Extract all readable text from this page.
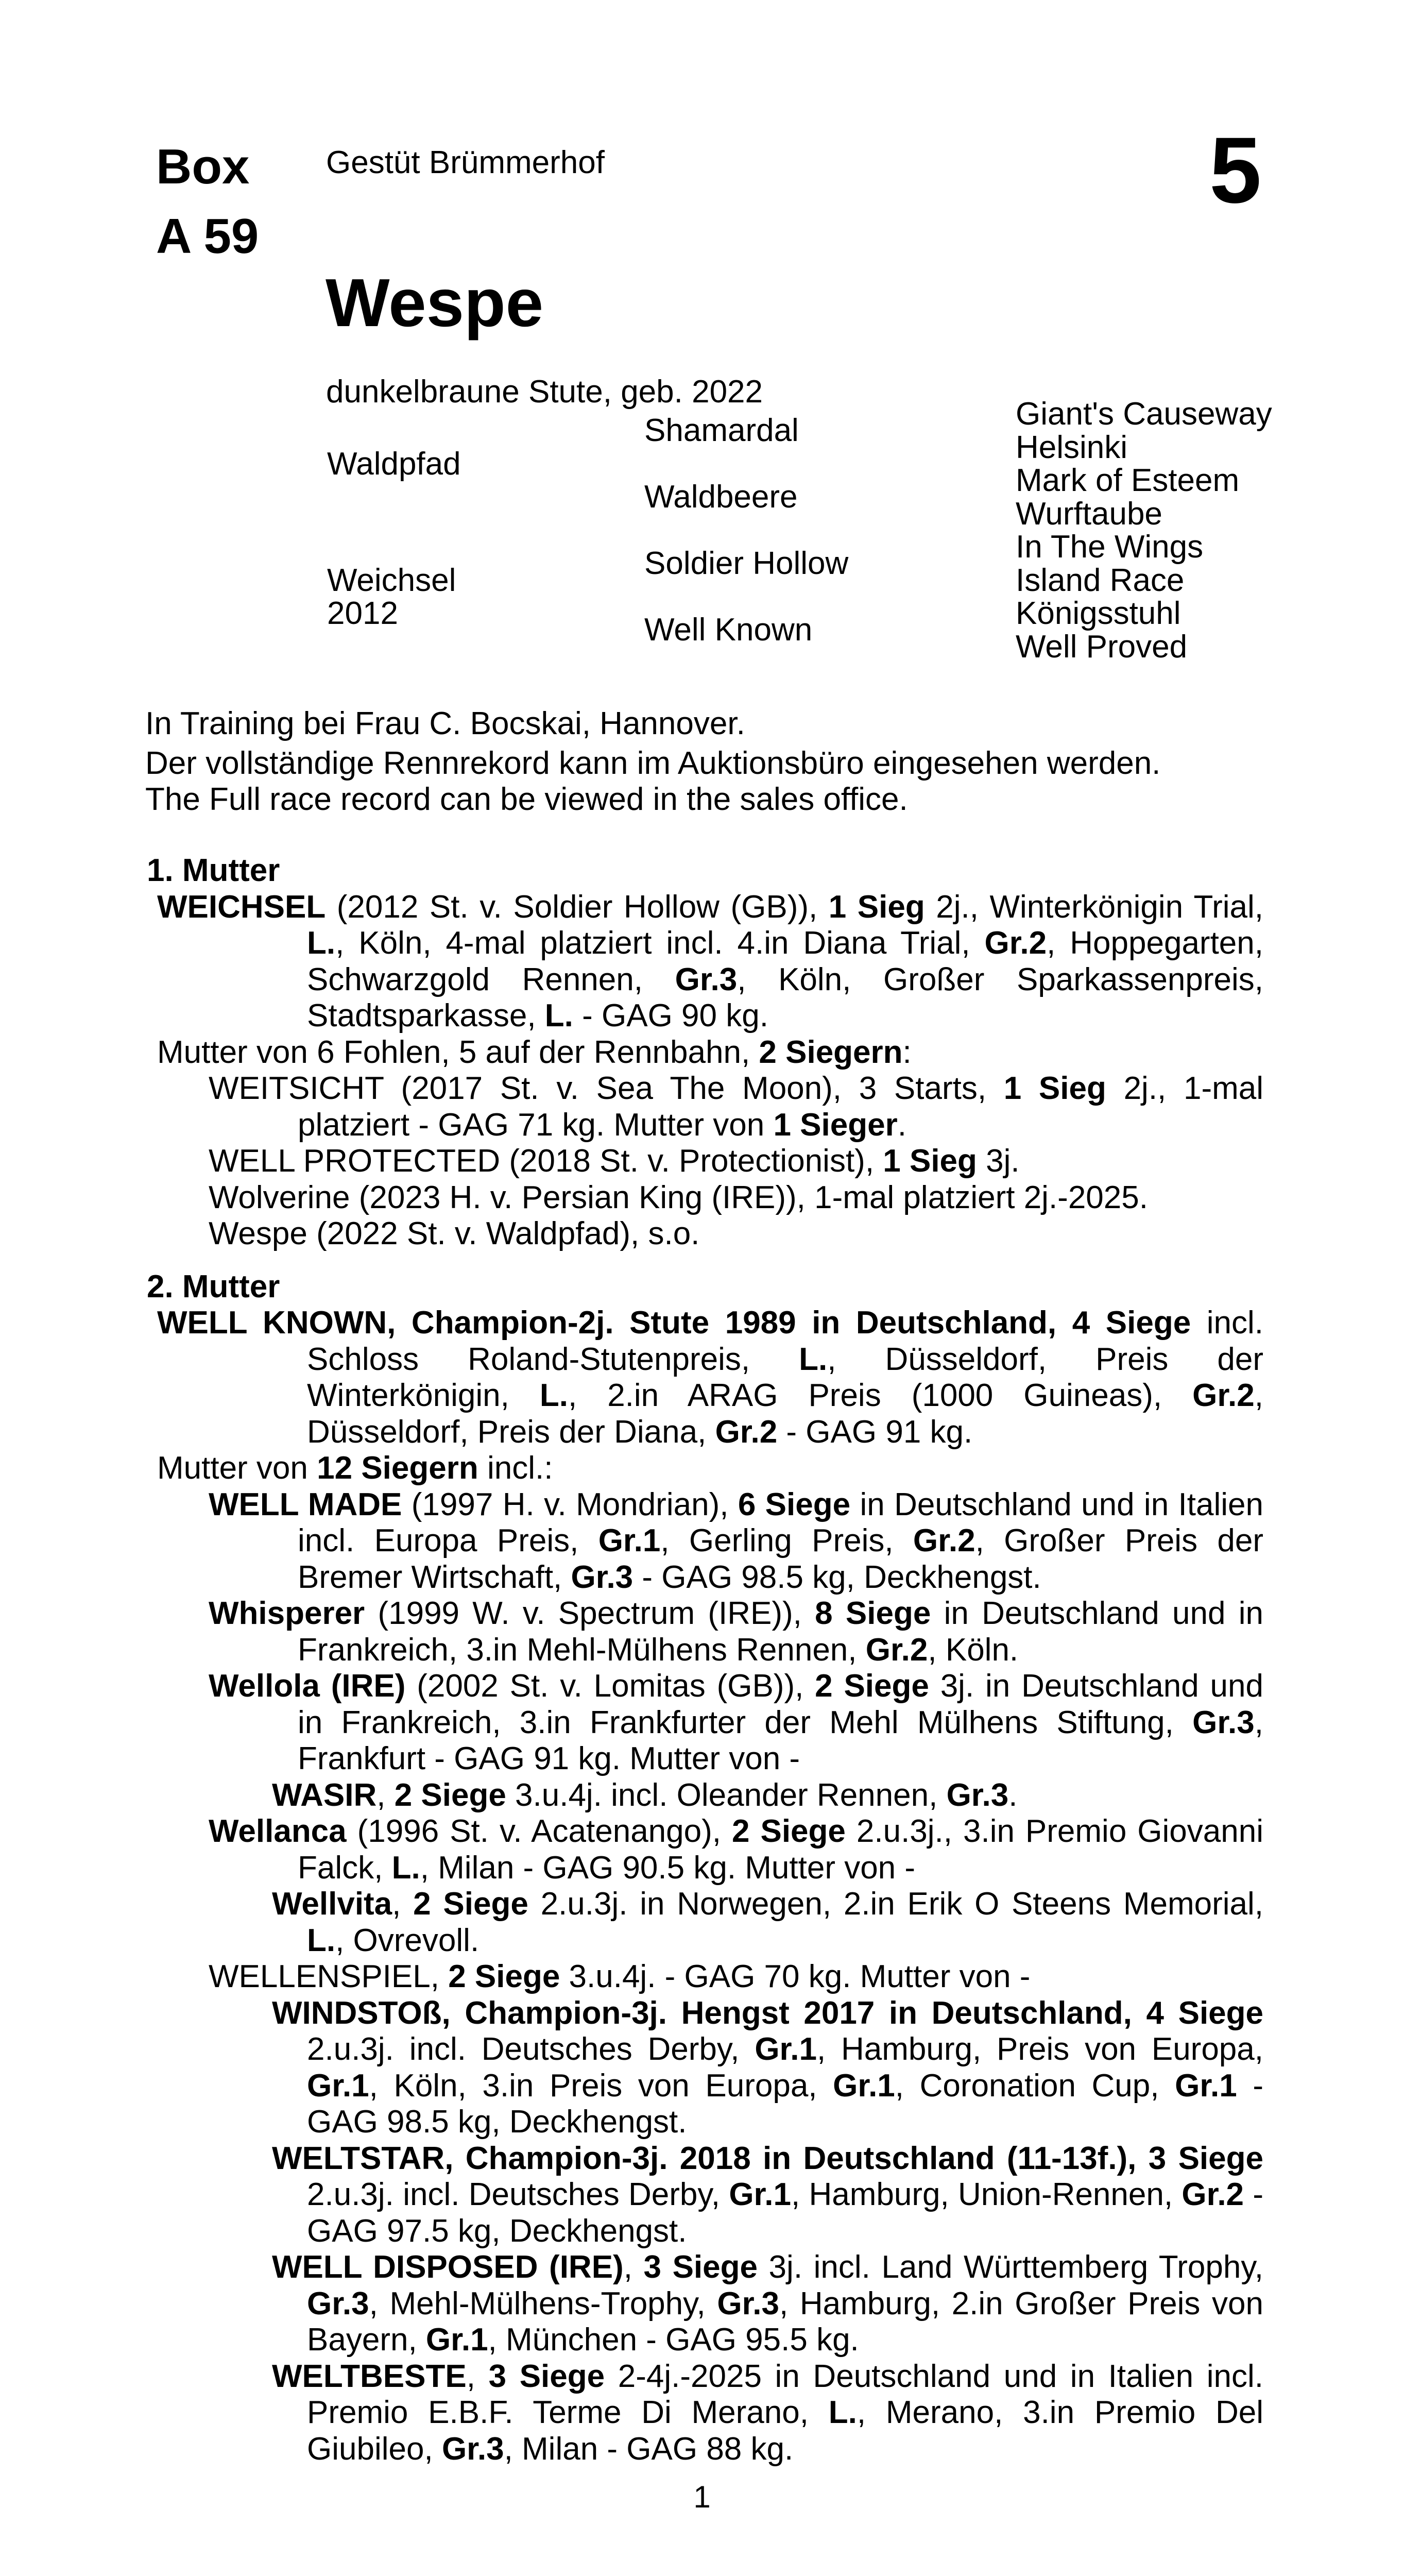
Box
A 59
Gestüt Brümmerhof	5
Wespe
dunkelbraune Stute, geb. 2022
Waldpfad
Weichsel
2012
Shamardal
Waldbeere
Soldier Hollow
Well Known
Giant's Causeway
Helsinki
Mark of Esteem
Wurftaube
In The Wings
Island Race
Königsstuhl
Well Proved
In Training bei Frau C. Bocskai, Hannover.
Der vollständige Rennrekord kann im Auktionsbüro eingesehen werden.
The Full race record can be viewed in the sales office.
1. Mutter
WEICHSEL (2012 St. v. Soldier Hollow (GB)), 1 Sieg 2j., Winterkönigin Trial, L., Köln, 4-mal platziert incl. 4.in Diana Trial, Gr.2, Hoppegarten, Schwarzgold Rennen, Gr.3, Köln, Großer Sparkassenpreis, Stadtsparkasse, L. - GAG 90 kg.
Mutter von 6 Fohlen, 5 auf der Rennbahn, 2 Siegern:
WEITSICHT (2017 St. v. Sea The Moon), 3 Starts, 1 Sieg 2j., 1-mal platziert - GAG 71 kg. Mutter von 1 Sieger.
WELL PROTECTED (2018 St. v. Protectionist), 1 Sieg 3j.
Wolverine (2023 H. v. Persian King (IRE)), 1-mal platziert 2j.-2025.
Wespe (2022 St. v. Waldpfad), s.o.
2. Mutter
WELL KNOWN, Champion-2j. Stute 1989 in Deutschland, 4 Siege incl. Schloss Roland-Stutenpreis, L., Düsseldorf, Preis der Winterkönigin, L., 2.in ARAG Preis (1000 Guineas), Gr.2, Düsseldorf, Preis der Diana, Gr.2 - GAG 91 kg.
Mutter von 12 Siegern incl.:
WELL MADE (1997 H. v. Mondrian), 6 Siege in Deutschland und in Italien incl. Europa Preis, Gr.1, Gerling Preis, Gr.2, Großer Preis der Bremer Wirtschaft, Gr.3 - GAG 98.5 kg, Deckhengst.
Whisperer (1999 W. v. Spectrum (IRE)), 8 Siege in Deutschland und in Frankreich, 3.in Mehl-Mülhens Rennen, Gr.2, Köln.
Wellola (IRE) (2002 St. v. Lomitas (GB)), 2 Siege 3j. in Deutschland und in Frankreich, 3.in Frankfurter der Mehl Mülhens Stiftung, Gr.3, Frankfurt - GAG 91 kg. Mutter von -
WASIR, 2 Siege 3.u.4j. incl. Oleander Rennen, Gr.3.
Wellanca (1996 St. v. Acatenango), 2 Siege 2.u.3j., 3.in Premio Giovanni Falck, L., Milan - GAG 90.5 kg. Mutter von -
Wellvita, 2 Siege 2.u.3j. in Norwegen, 2.in Erik O Steens Memorial, L., Ovrevoll.
WELLENSPIEL, 2 Siege 3.u.4j. - GAG 70 kg. Mutter von -
WINDSTOß, Champion-3j. Hengst 2017 in Deutschland, 4 Siege 2.u.3j. incl. Deutsches Derby, Gr.1, Hamburg, Preis von Europa, Gr.1, Köln, 3.in Preis von Europa, Gr.1, Coronation Cup, Gr.1 - GAG 98.5 kg, Deckhengst.
WELTSTAR, Champion-3j. 2018 in Deutschland (11-13f.), 3 Siege 2.u.3j. incl. Deutsches Derby, Gr.1, Hamburg, Union-Rennen, Gr.2 - GAG 97.5 kg, Deckhengst.
WELL DISPOSED (IRE), 3 Siege 3j. incl. Land Württemberg Trophy, Gr.3, Mehl-Mülhens-Trophy, Gr.3, Hamburg, 2.in Großer Preis von Bayern, Gr.1, München - GAG 95.5 kg.
WELTBESTE, 3 Siege 2-4j.-2025 in Deutschland und in Italien incl. Premio E.B.F. Terme Di Merano, L., Merano, 3.in Premio Del Giubileo, Gr.3, Milan - GAG 88 kg.
1
